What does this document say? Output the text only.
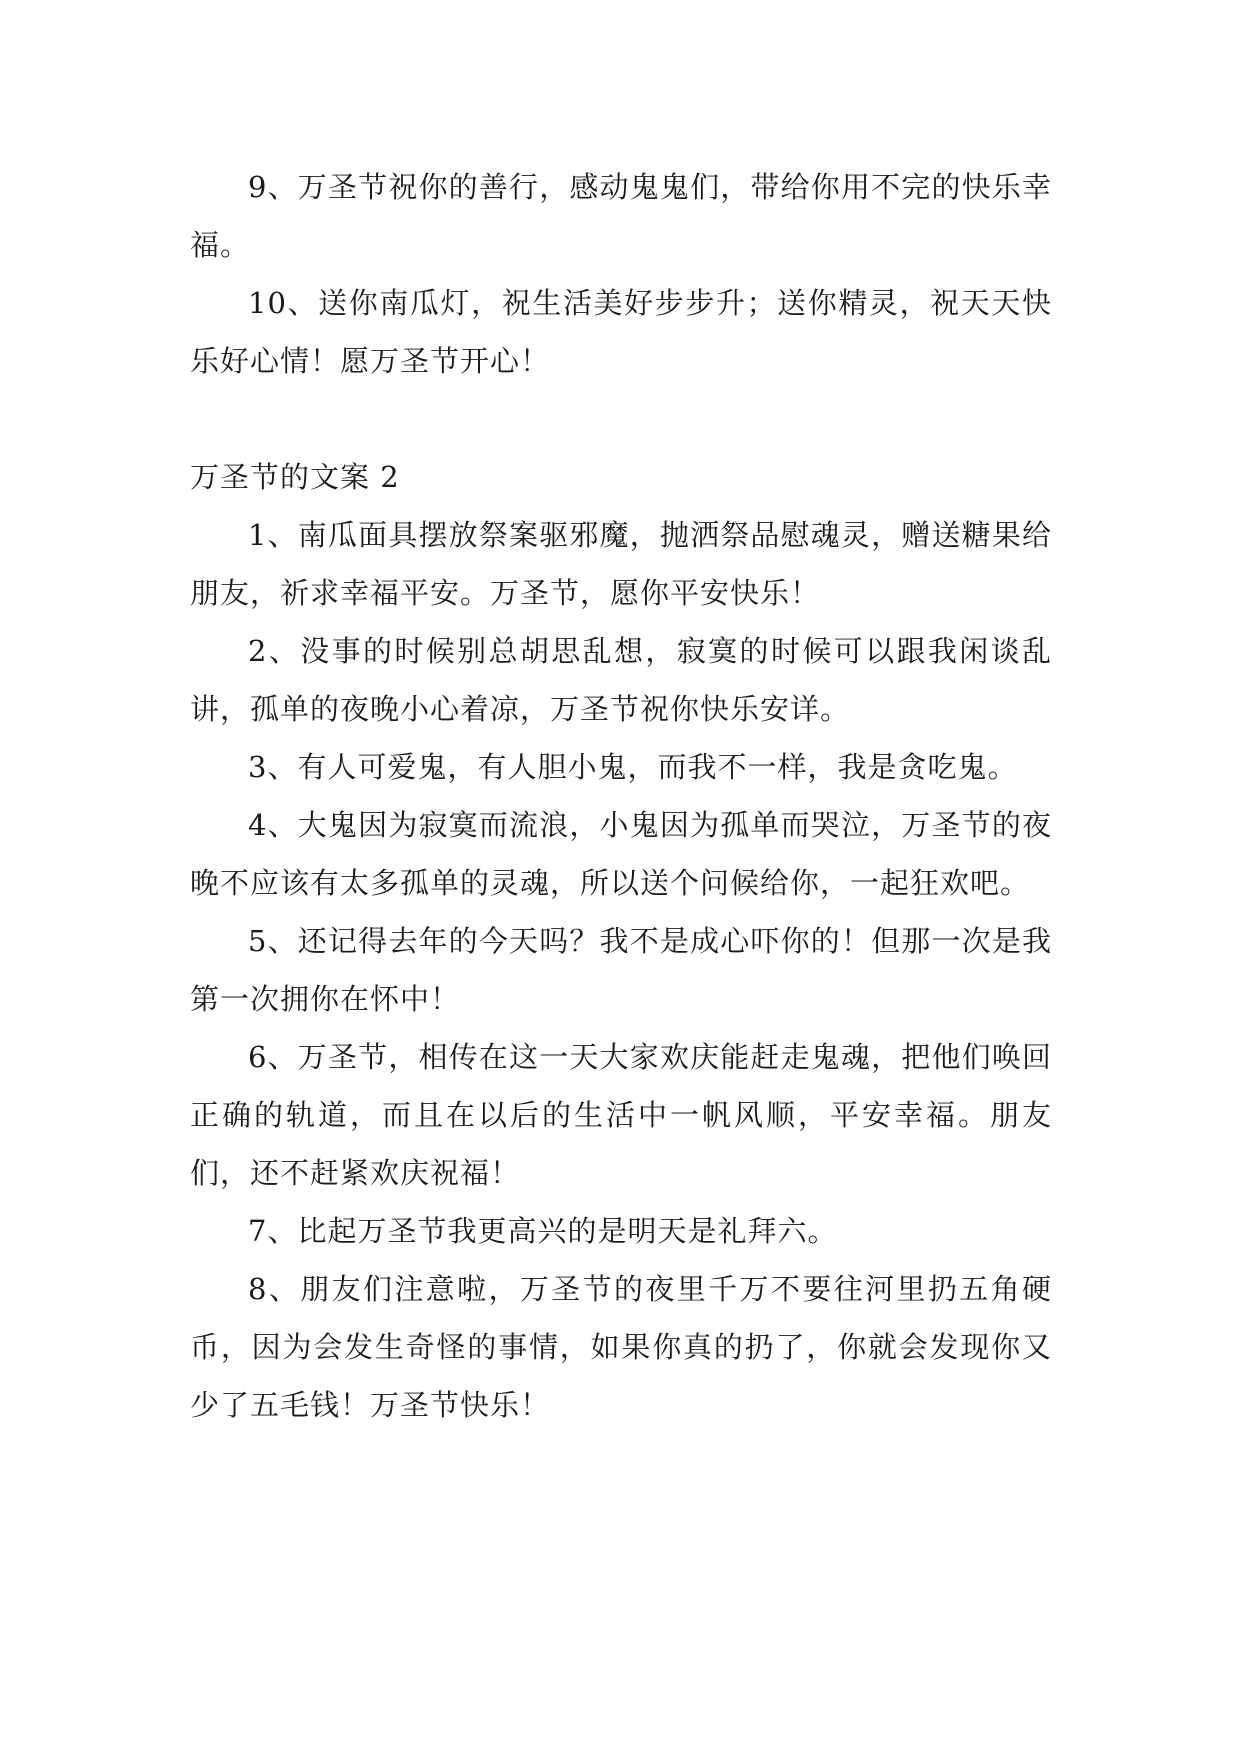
9、万圣节祝你的善行，感动鬼鬼们，带给你用不完的快乐幸福。

10、送你南瓜灯，祝生活美好步步升；送你精灵，祝天天快乐好心情！愿万圣节开心！

万圣节的文案 2

1、南瓜面具摆放祭案驱邪魔，抛洒祭品慰魂灵，赠送糖果给朋友，祈求幸福平安。万圣节，愿你平安快乐！

2、没事的时候别总胡思乱想，寂寞的时候可以跟我闲谈乱讲，孤单的夜晚小心着凉，万圣节祝你快乐安详。

3、有人可爱鬼，有人胆小鬼，而我不一样，我是贪吃鬼。

4、大鬼因为寂寞而流浪，小鬼因为孤单而哭泣，万圣节的夜晚不应该有太多孤单的灵魂，所以送个问候给你，一起狂欢吧。

5、还记得去年的今天吗？我不是成心吓你的！但那一次是我第一次拥你在怀中！

6、万圣节，相传在这一天大家欢庆能赶走鬼魂，把他们唤回正确的轨道，而且在以后的生活中一帆风顺，平安幸福。朋友们，还不赶紧欢庆祝福！

7、比起万圣节我更高兴的是明天是礼拜六。

8、朋友们注意啦，万圣节的夜里千万不要往河里扔五角硬币，因为会发生奇怪的事情，如果你真的扔了，你就会发现你又少了五毛钱！万圣节快乐！
